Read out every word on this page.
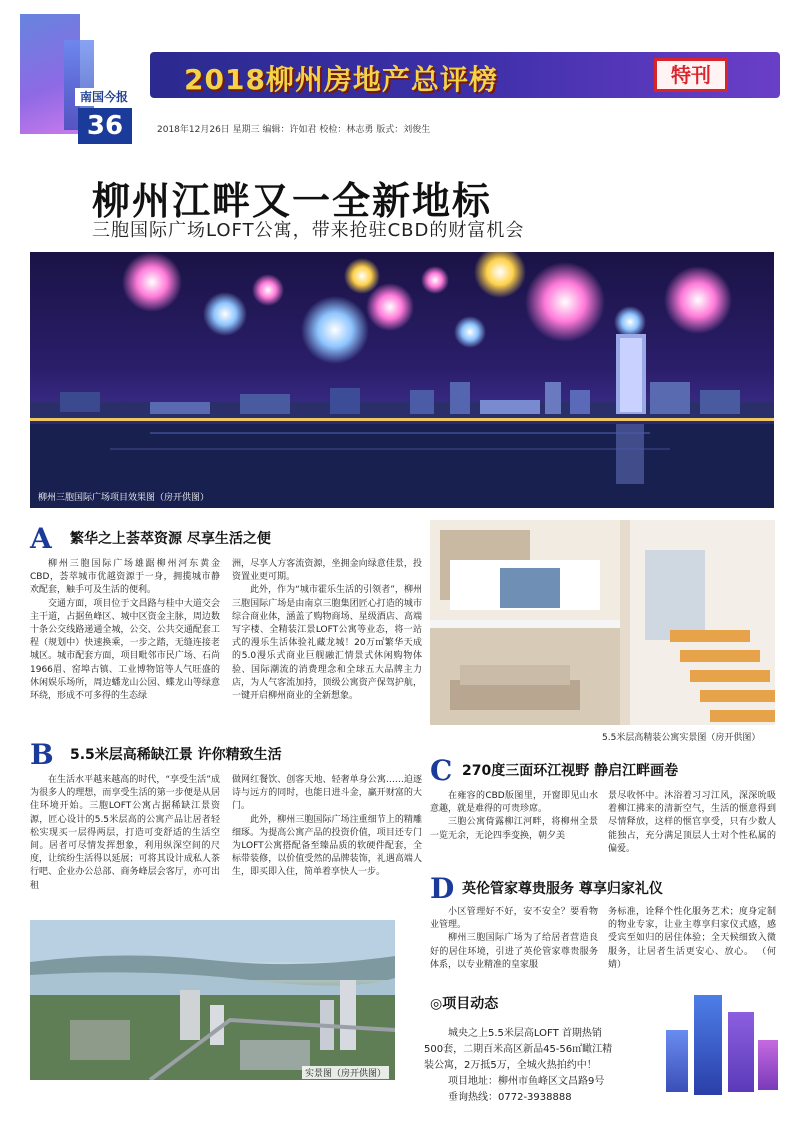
2018柳州房地产总评榜	特刊
南国今报
36	2018年12月26日 星期三 编辑：许如君 校检：林志勇 版式：刘俊生
柳州江畔又一全新地标
三胞国际广场LOFT公寓，带来抢驻CBD的财富机会
柳州三胞国际广场项目效果图（房开供图）
A 繁华之上荟萃资源 尽享生活之便

柳州三胞国际广场雄踞柳州河东黄金CBD，荟萃城市优越资源于一身，拥揽城市静欢配套，触手可及生活的便利。

交通方面，项目位于文昌路与桂中大道交会主干道，占据鱼峰区、城中区资金主脉，周边数十条公交线路递通全城，公交、公共交通配套工程（规划中）快速换乘，一步之踏，无缝连接老城区。城市配套方面，项目毗邻市民广场、石尚1966眉、窑埠古镇、工业博物馆等人气旺盛的休闲娱乐场所，周边蟠龙山公园、蝶龙山等绿意环绕，形成不可多得的生态绿

洲，尽享人方客流资源，坐拥金向绿意佳景，投资置业更可期。

此外，作为“城市霍乐生活的引领者”，柳州三胞国际广场是由南京三胞集团匠心打造的城市综合商业体，涵盖了购物商场、星级酒店、高端写字楼、全精装江景LOFT公寓等业态，将一站式的漫乐生活体验礼藏龙城！20万㎡繁华天成的5.0漫乐式商业巨舰融汇情景式休闲购物体验、国际潮流的消费理念和全球五大品牌主力店，为人气客流加持，顶级公寓资产保驾护航，一键开启柳州商业的全新想象。

5.5米层高精装公寓实景图（房开供图）
B 5.5米层高稀缺江景 许你精致生活

在生活水平越来越高的时代，“享受生活”成为很多人的理想，而享受生活的第一步便是从居住环境开始。三胞LOFT公寓占据稀缺江景资源，匠心设计的5.5米层高的公寓产品让居者轻松实现买一层得两层，打造可变舒适的生活空间。居者可尽情发挥想象，利用纵深空间的尺度，让缤纷生活得以延展；可将其设计成私人茶行吧、企业办公总部、商务峰层会客厅，亦可出租

做网红餐饮、创客天地、轻奢单身公寓……迫逐诗与远方的同时，也能日进斗金，赢开财富的大门。

此外，柳州三胞国际广场注重细节上的精雕细琢。为提高公寓产品的投资价值，项目还专门为LOFT公寓搭配备至臻品质的软硬件配套，全标带装修，以价值受然的品牌装饰，礼遇高端人生，即买即入住，简单着享快人一步。

C 270度三面环江视野 静启江畔画卷

在雍容的CBD版图里，开窗即见山水意趣，就是难得的可贵珍席。

三胞公寓倚露柳江河畔，将柳州全景一览无余，无论四季变换，朝夕美

景尽收怀中。沐浴着习习江风，深深吮吸着柳江拂来的清新空气，生活的惬意得到尽情释放，这样的惬官享受，只有少数人能独占，充分满足顶层人士对个性私属的偏爱。

D 英伦管家尊贵服务 尊享归家礼仪

小区管理好不好，安不安全？要看物业管理。

柳州三胞国际广场为了给居者营造良好的居住环境，引进了英伦管家尊贵服务体系，以专业精准的皇家服

务标准，诠释个性化服务艺术；度身定制的物业专家，让业主尊享归家仪式感，感受宾至如归的居住体验；全天候细致入微服务，让居者生活更安心、放心。 （何婧）

实景图（房开供图）
◎项目动态
城央之上5.5米层高LOFT 首期热销
500套，二期百米高区新品45-56㎡瞰江精
装公寓，2万抵5万，全城火热拍约中！
项目地址：柳州市鱼峰区文昌路9号
垂询热线：0772-3938888
